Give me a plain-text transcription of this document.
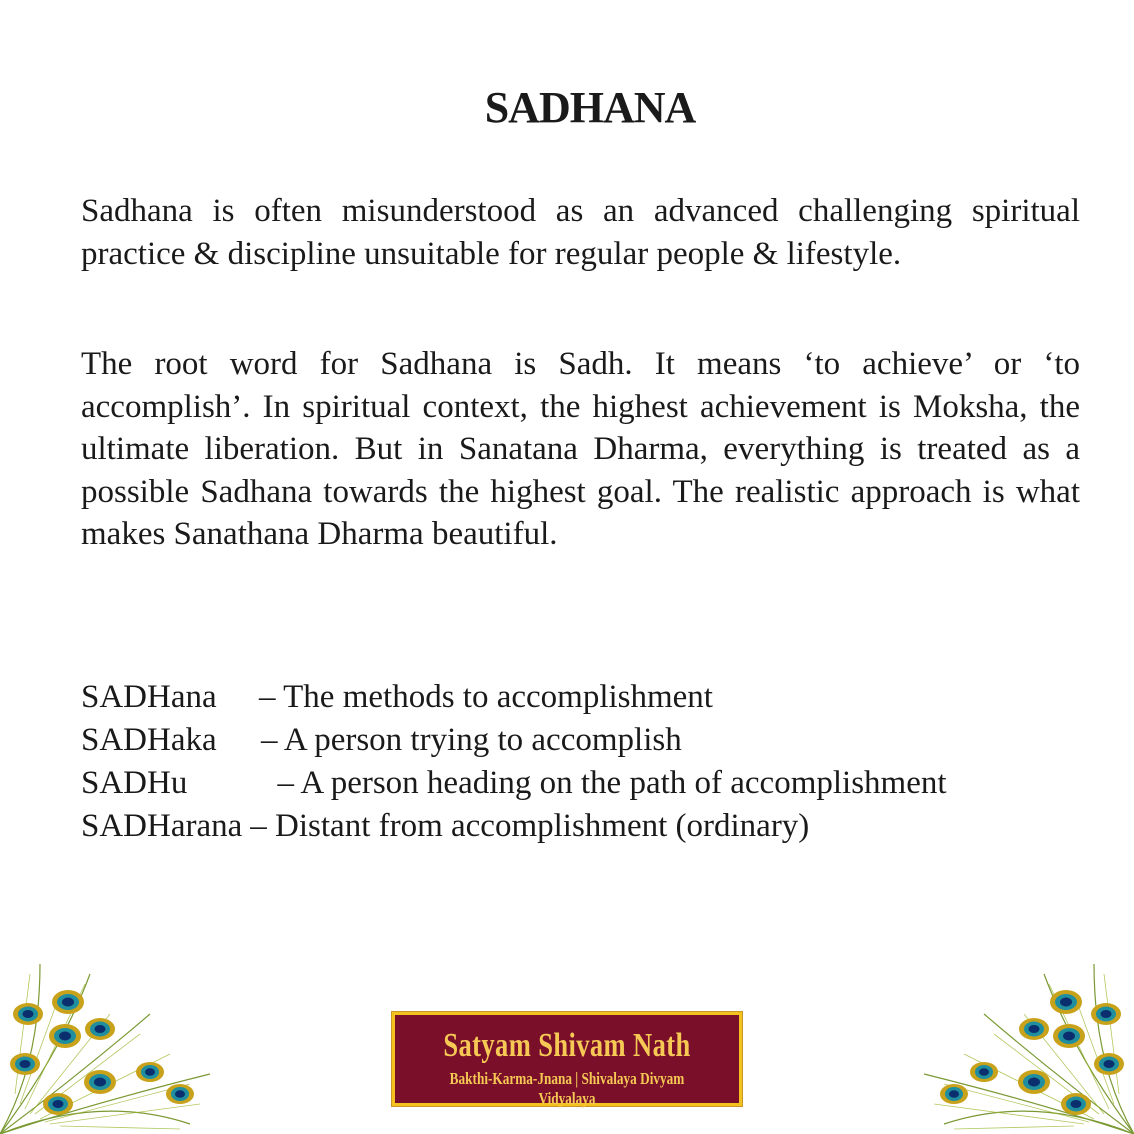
SADHANA

Sadhana is often misunderstood as an advanced challenging spiritual practice & discipline unsuitable for regular people & lifestyle.

The root word for Sadhana is Sadh. It means ‘to achieve’ or ‘to accomplish’. In spiritual context, the highest achievement is Moksha, the ultimate liberation. But in Sanatana Dharma, everything is treated as a possible Sadhana towards the highest goal. The realistic approach is what makes Sanathana Dharma beautiful.

SADHana	– The methods to accomplishment
SADHaka	– A person trying to accomplish
SADHu	– A person heading on the path of accomplishment
SADHarana – Distant from accomplishment (ordinary)
Satyam Shivam Nath
Bakthi-Karma-Jnana | Shivalaya Divyam Vidyalaya
